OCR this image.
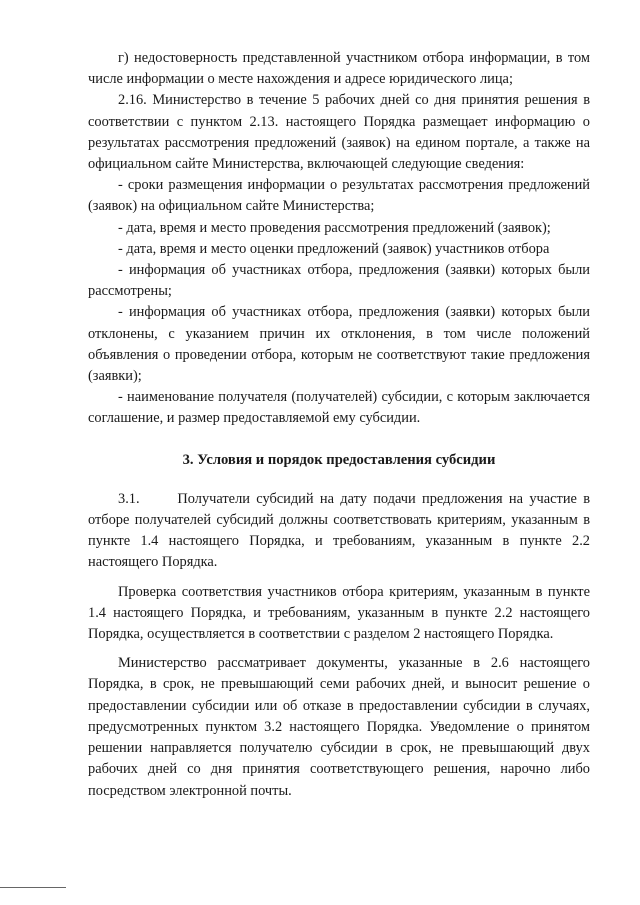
г) недостоверность представленной участником отбора информации, в том числе информации о месте нахождения и адресе юридического лица;

2.16. Министерство в течение 5 рабочих дней со дня принятия решения в соответствии с пунктом 2.13. настоящего Порядка размещает информацию о результатах рассмотрения предложений (заявок) на едином портале, а также на официальном сайте Министерства, включающей следующие сведения:

- сроки размещения информации о результатах рассмотрения предложений (заявок) на официальном сайте Министерства;

- дата, время и место проведения рассмотрения предложений (заявок);

- дата, время и место оценки предложений (заявок) участников отбора

- информация об участниках отбора, предложения (заявки) которых были рассмотрены;

- информация об участниках отбора, предложения (заявки) которых были отклонены, с указанием причин их отклонения, в том числе положений объявления о проведении отбора, которым не соответствуют такие предложения (заявки);

- наименование получателя (получателей) субсидии, с которым заключается соглашение, и размер предоставляемой ему субсидии.

3. Условия и порядок предоставления субсидии

3.1.      Получатели субсидий на дату подачи предложения на участие в отборе получателей субсидий должны соответствовать критериям, указанным в пункте 1.4 настоящего Порядка, и требованиям, указанным в пункте 2.2 настоящего Порядка.

Проверка соответствия участников отбора критериям, указанным в пункте 1.4 настоящего Порядка, и требованиям, указанным в пункте 2.2 настоящего Порядка, осуществляется в соответствии с разделом 2 настоящего Порядка.

Министерство рассматривает документы, указанные в 2.6 настоящего Порядка, в срок, не превышающий семи рабочих дней, и выносит решение о предоставлении субсидии или об отказе в предоставлении субсидии в случаях, предусмотренных пунктом 3.2 настоящего Порядка. Уведомление о принятом решении направляется получателю субсидии в срок, не превышающий двух рабочих дней со дня принятия соответствующего решения, нарочно либо посредством электронной почты.
